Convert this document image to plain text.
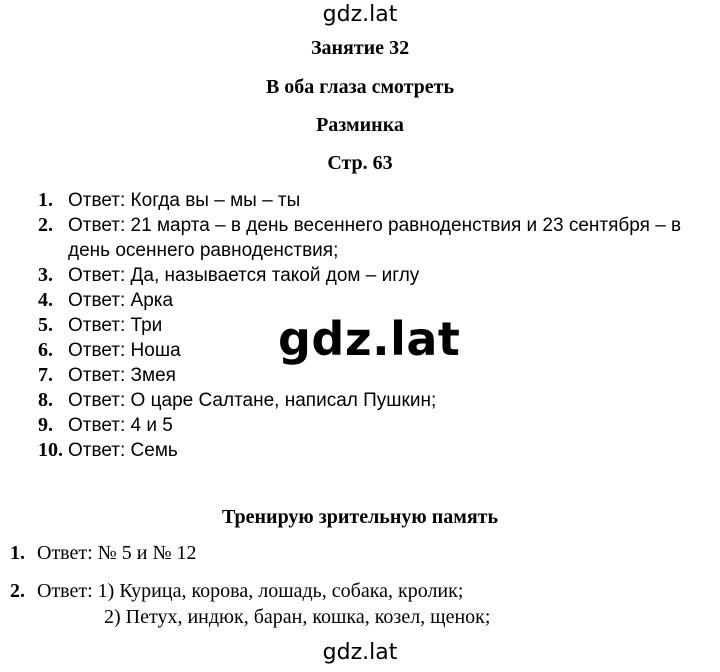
gdz.lat
Занятие 32
В оба глаза смотреть
Разминка
Стр. 63
1. Ответ: Когда вы – мы – ты
2. Ответ: 21 марта – в день весеннего равноденствия и 23 сентября – в
день осеннего равноденствия;
3. Ответ: Да, называется такой дом – иглу
4. Ответ: Арка
5. Ответ: Три
6. Ответ: Ноша
7. Ответ: Змея
8. Ответ: О царе Салтане, написал Пушкин;
9. Ответ: 4 и 5
10. Ответ: Семь
gdz.lat
Тренирую зрительную память
1. Ответ: № 5 и № 12
2. Ответ: 1) Курица, корова, лошадь, собака, кролик;
2) Петух, индюк, баран, кошка, козел, щенок;
gdz.lat
